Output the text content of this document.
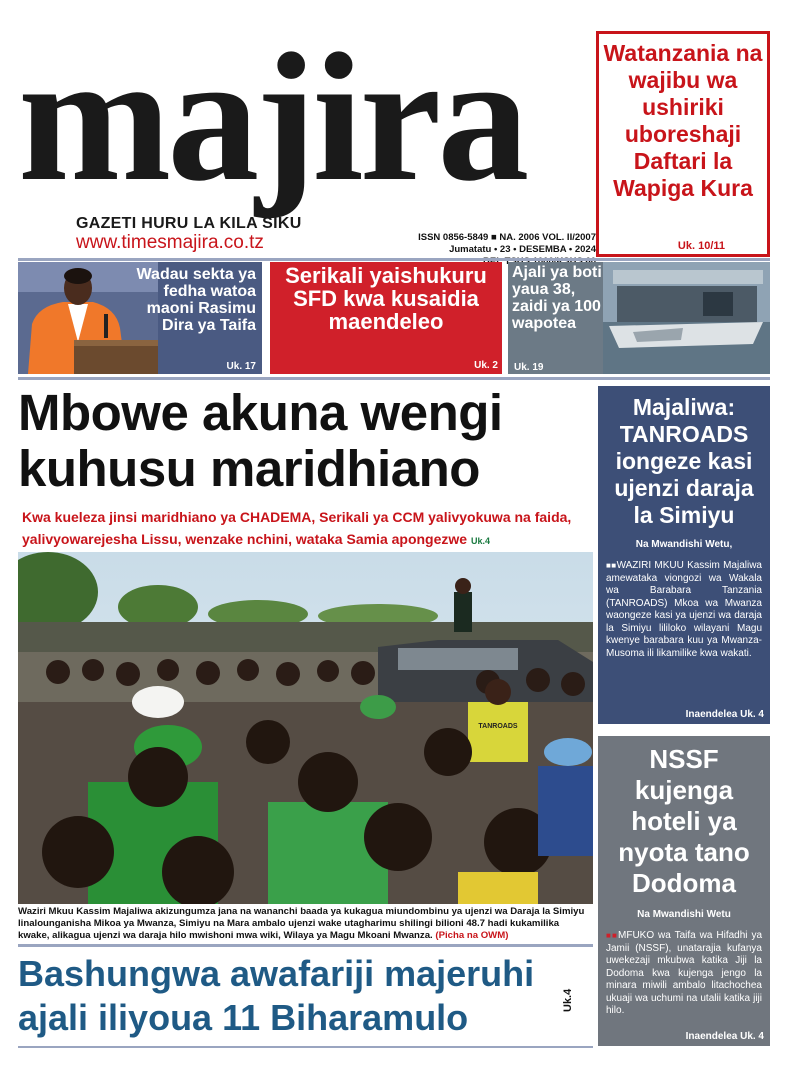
majira
GAZETI HURU LA KILA SIKU
www.timesmajira.co.tz	ISSN 0856-5849 ■ NA. 2006 VOL. II/2007
Jumatatu • 23 • DESEMBA • 2024
Watanzania na wajibu wa ushiriki uboreshaji Daftari la Wapiga Kura
Uk. 10/11
Wadau sekta ya fedha watoa maoni Rasimu Dira ya Taifa
Uk. 17
Serikali yaishukuru SFD kwa kusaidia maendeleo
Uk. 2
Ajali ya boti yaua 38, zaidi ya 100 wapotea
Uk. 19
Mbowe akuna wengi kuhusu maridhiano
Kwa kueleza jinsi maridhiano ya CHADEMA, Serikali ya CCM yalivyokuwa na faida, yalivyowarejesha Lissu, wenzake nchini, wataka Samia apongezwe Uk.4
TANROADS
Waziri Mkuu Kassim Majaliwa akizungumza jana na wananchi baada ya kukagua miundombinu ya ujenzi wa Daraja la Simiyu linalounganisha Mikoa ya Mwanza, Simiyu na Mara ambalo ujenzi wake utagharimu shilingi bilioni 48.7 hadi kukamilika kwake, alikagua ujenzi wa daraja hilo mwishoni mwa wiki, Wilaya ya Magu Mkoani Mwanza. (Picha na OWM)
Bashungwa awafariji majeruhi ajali iliyoua 11 Biharamulo	Uk.4
Majaliwa: TANROADS iongeze kasi ujenzi daraja la Simiyu
Na Mwandishi Wetu,
■■WAZIRI MKUU Kassim Majaliwa amewataka viongozi wa Wakala wa Barabara Tanzania (TANROADS) Mkoa wa Mwanza waongeze kasi ya ujenzi wa daraja la Simiyu lililoko wilayani Magu kwenye barabara kuu ya Mwanza-Musoma ili likamilike kwa wakati.
Inaendelea Uk. 4
NSSF kujenga hoteli ya nyota tano Dodoma
Na Mwandishi Wetu
■■MFUKO wa Taifa wa Hifadhi ya Jamii (NSSF), unatarajia kufanya uwekezaji mkubwa katika Jiji la Dodoma kwa kujenga jengo la minara miwili ambalo litachochea ukuaji wa uchumi na utalii katika jiji hilo.
Inaendelea Uk. 4
